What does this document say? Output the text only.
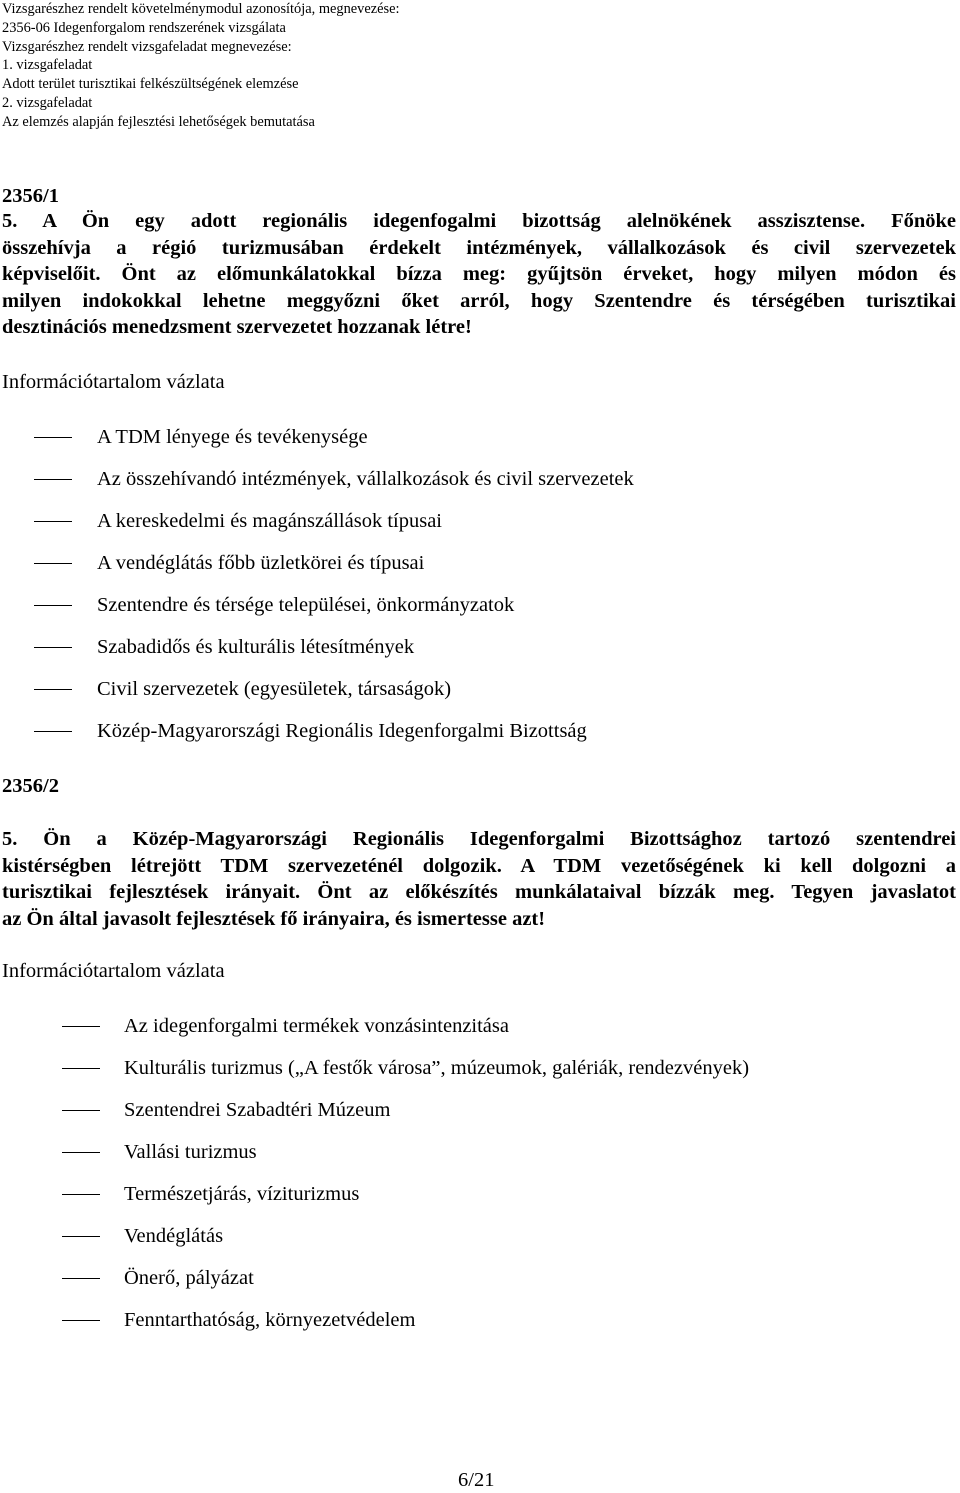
Vizsgarészhez rendelt követelménymodul azonosítója, megnevezése:
2356-06 Idegenforgalom rendszerének vizsgálata
Vizsgarészhez rendelt vizsgafeladat megnevezése:
1. vizsgafeladat
Adott terület turisztikai felkészültségének elemzése
2. vizsgafeladat
Az elemzés alapján fejlesztési lehetőségek bemutatása
2356/1
5. A Ön egy adott regionális idegenfogalmi bizottság alelnökének asszisztense. Főnöke
összehívja a régió turizmusában érdekelt intézmények, vállalkozások és civil szervezetek
képviselőit. Önt az előmunkálatokkal bízza meg: gyűjtsön érveket, hogy milyen módon és
milyen indokokkal lehetne meggyőzni őket arról, hogy Szentendre és térségében turisztikai
desztinációs menedzsment szervezetet hozzanak létre!
Információtartalom vázlata
A TDM lényege és tevékenysége
Az összehívandó intézmények, vállalkozások és civil szervezetek
A kereskedelmi és magánszállások típusai
A vendéglátás főbb üzletkörei és típusai
Szentendre és térsége települései, önkormányzatok
Szabadidős és kulturális létesítmények
Civil szervezetek (egyesületek, társaságok)
Közép-Magyarországi Regionális Idegenforgalmi Bizottság
2356/2
5. Ön a Közép-Magyarországi Regionális Idegenforgalmi Bizottsághoz tartozó szentendrei
kistérségben létrejött TDM szervezeténél dolgozik. A TDM vezetőségének ki kell dolgozni a
turisztikai fejlesztések irányait. Önt az előkészítés munkálataival bízzák meg. Tegyen javaslatot
az Ön által javasolt fejlesztések fő irányaira, és ismertesse azt!
Információtartalom vázlata
Az idegenforgalmi termékek vonzásintenzitása
Kulturális turizmus („A festők városa”, múzeumok, galériák, rendezvények)
Szentendrei Szabadtéri Múzeum
Vallási turizmus
Természetjárás, víziturizmus
Vendéglátás
Önerő, pályázat
Fenntarthatóság, környezetvédelem
6/21
